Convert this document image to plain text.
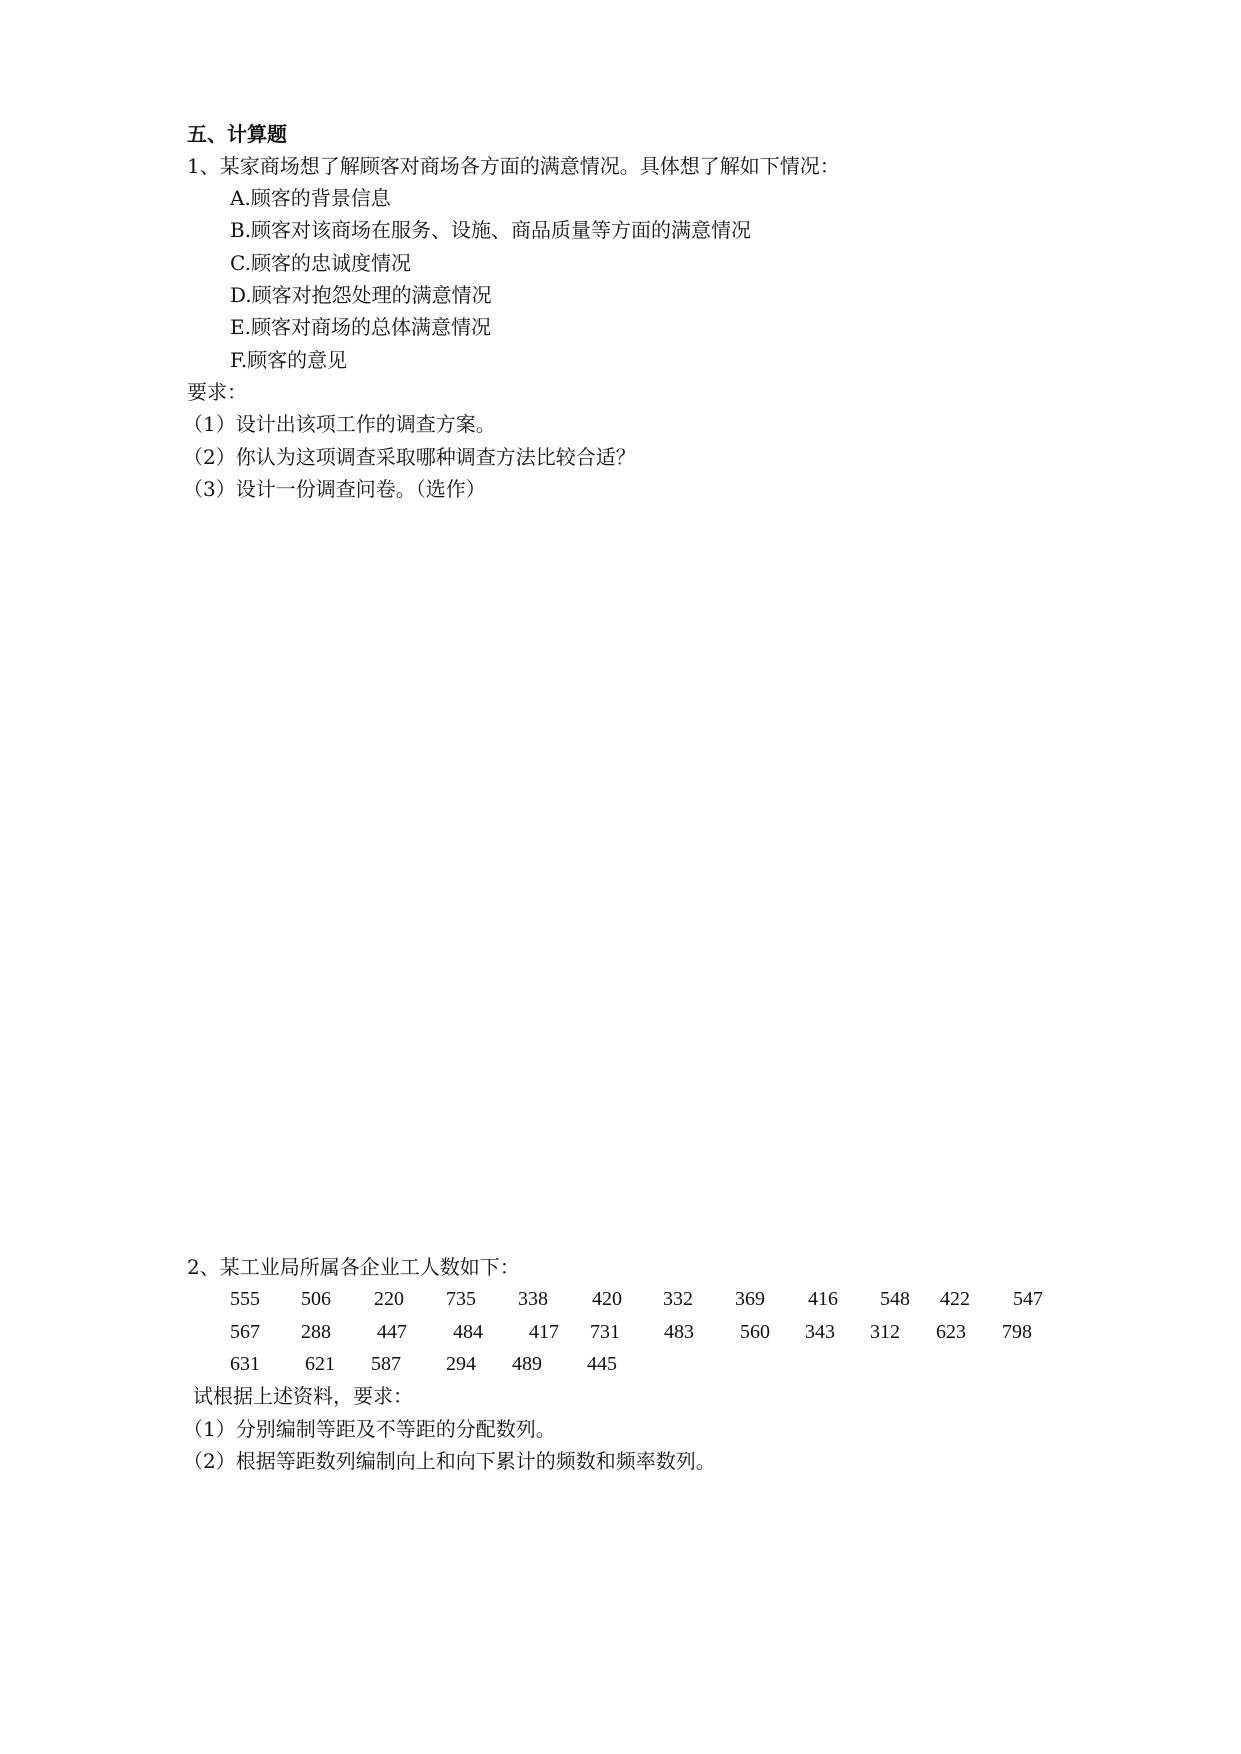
五、计算题
1、某家商场想了解顾客对商场各方面的满意情况。具体想了解如下情况：
A.顾客的背景信息
B.顾客对该商场在服务、设施、商品质量等方面的满意情况
C.顾客的忠诚度情况
D.顾客对抱怨处理的满意情况
E.顾客对商场的总体满意情况
F.顾客的意见
要求：
（1）设计出该项工作的调查方案。
（2）你认为这项调查采取哪种调查方法比较合适？
（3）设计一份调查问卷。（选作）
2、某工业局所属各企业工人数如下：
555 506 220 735 338 420 332 369 416 548 422 547
567 288 447 484 417 731 483 560 343 312 623 798
631 621 587 294 489 445
试根据上述资料，要求：
（1）分别编制等距及不等距的分配数列。
（2）根据等距数列编制向上和向下累计的频数和频率数列。
